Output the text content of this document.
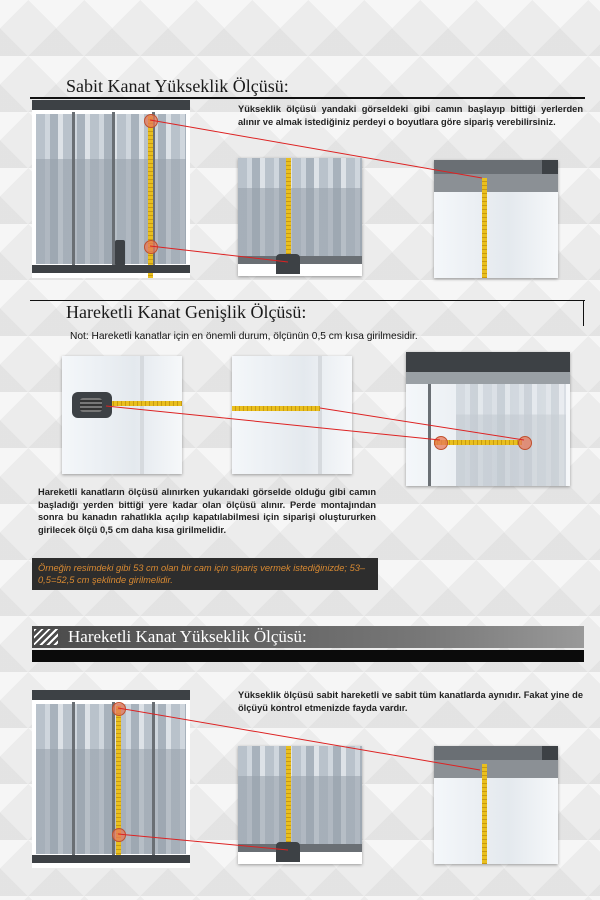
Sabit Kanat Yükseklik Ölçüsü:
Yükseklik ölçüsü yandaki görseldeki gibi camın başlayıp bittiği yerlerden alınır ve almak istediğiniz perdeyi o boyutlara göre sipariş verebilirsiniz.
Hareketli Kanat Genişlik Ölçüsü:
Not: Hareketli kanatlar için en önemli durum, ölçünün 0,5 cm kısa girilmesidir.
Hareketli kanatların ölçüsü alınırken yukarıdaki görselde olduğu gibi camın başladığı yerden bittiği yere kadar olan ölçüsü alınır. Perde montajından sonra bu kanadın rahatlıkla açılıp kapatılabilmesi için siparişi oluştururken girilecek ölçü 0,5 cm daha kısa girilmelidir.
Örneğin resimdeki gibi 53 cm olan bir cam için sipariş vermek istediğinizde; 53–0,5=52,5 cm şeklinde girilmelidir.
Hareketli Kanat Yükseklik Ölçüsü:
Yükseklik ölçüsü sabit hareketli ve sabit tüm kanatlarda aynıdır. Fakat yine de ölçüyü kontrol etmenizde fayda vardır.
